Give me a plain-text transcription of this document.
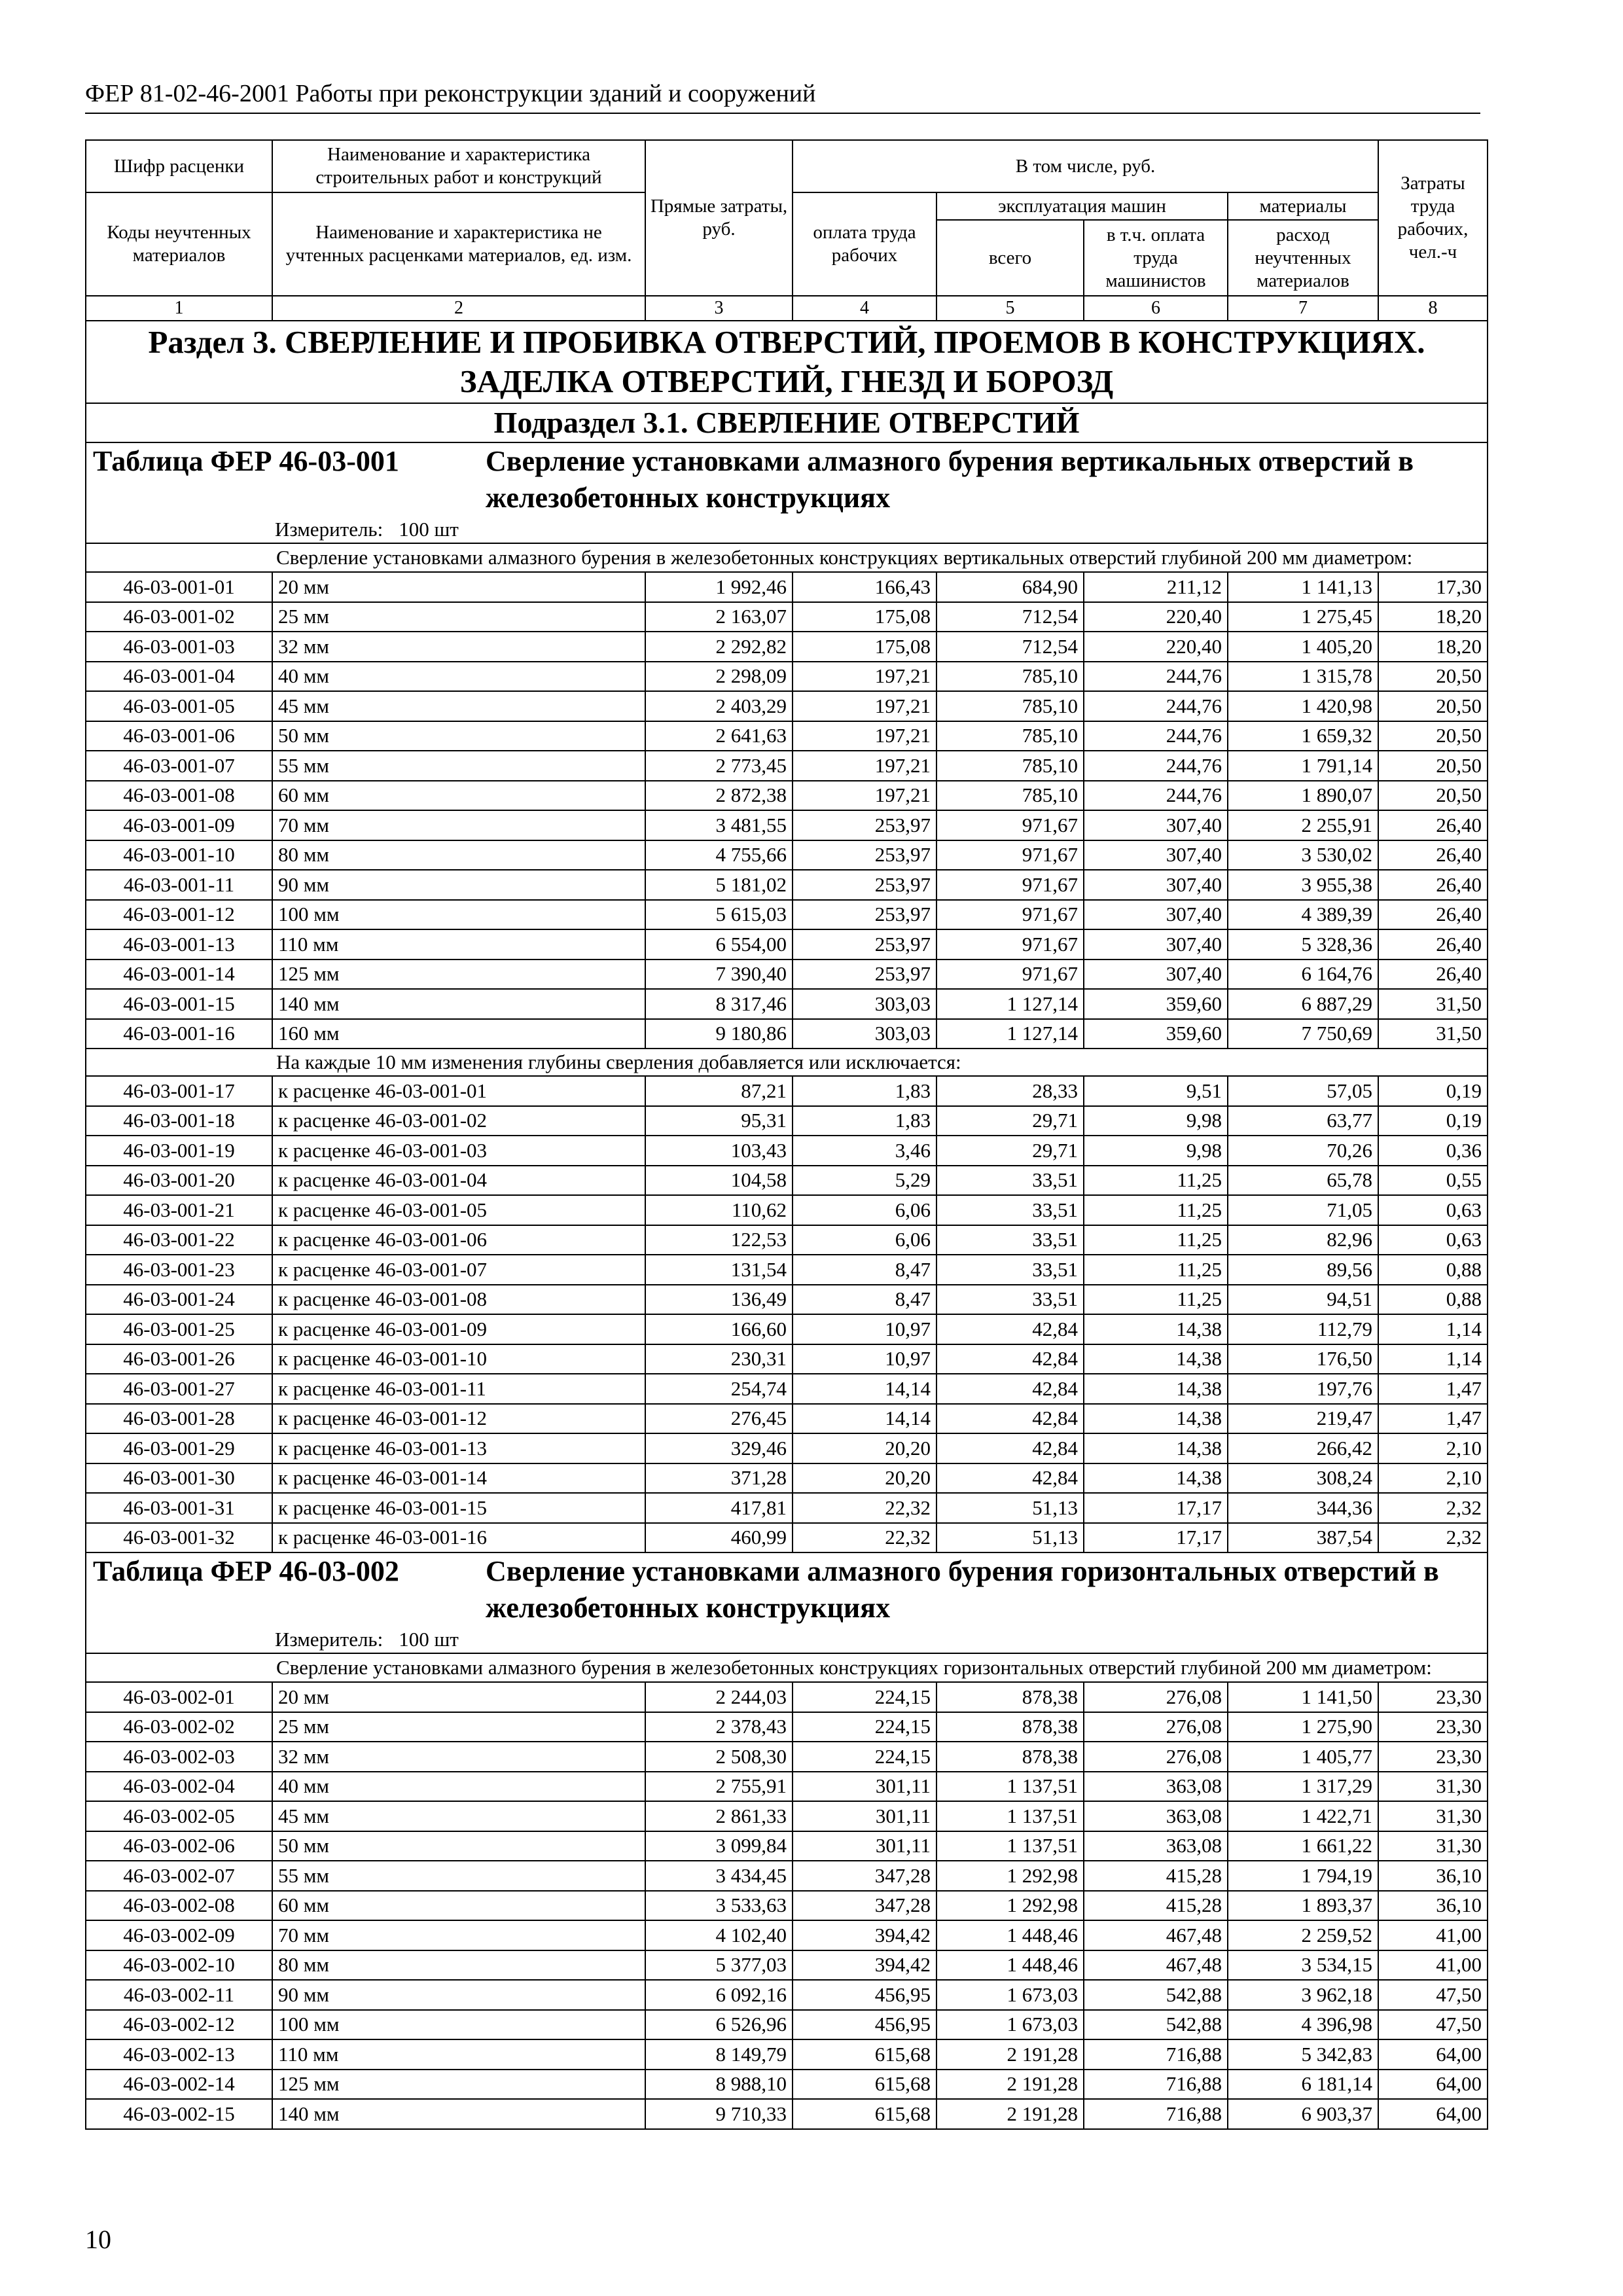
ФЕР 81-02-46-2001 Работы при реконструкции зданий и сооружений
Шифр расценки	Наименование и характеристика строительных работ и конструкций	Прямые затраты, руб.	В том числе, руб.				Затраты труда рабочих, чел.-ч
Коды неучтенных материалов	Наименование и характеристика не учтенных расценками материалов, ед. изм.		оплата труда рабочих	эксплуатация машин		материалы	
				всего	в т.ч. оплата труда машинистов	расход неучтенных материалов	
1	2	3	4	5	6	7	8
Раздел 3. СВЕРЛЕНИЕ И ПРОБИВКА ОТВЕРСТИЙ, ПРОЕМОВ В КОНСТРУКЦИЯХ. ЗАДЕЛКА ОТВЕРСТИЙ, ГНЕЗД И БОРОЗД							
Подраздел 3.1. СВЕРЛЕНИЕ ОТВЕРСТИЙ							

Таблица ФЕР 46-03-001 Сверление установками алмазного бурения вертикальных отверстий в железобетонных конструкциях							

Измеритель: 100 шт							
Сверление установками алмазного бурения в железобетонных конструкциях вертикальных отверстий глубиной 200 мм диаметром:							
46-03-001-01	20 мм	1 992,46	166,43	684,90	211,12	1 141,13	17,30
46-03-001-02	25 мм	2 163,07	175,08	712,54	220,40	1 275,45	18,20
46-03-001-03	32 мм	2 292,82	175,08	712,54	220,40	1 405,20	18,20
46-03-001-04	40 мм	2 298,09	197,21	785,10	244,76	1 315,78	20,50
46-03-001-05	45 мм	2 403,29	197,21	785,10	244,76	1 420,98	20,50
46-03-001-06	50 мм	2 641,63	197,21	785,10	244,76	1 659,32	20,50
46-03-001-07	55 мм	2 773,45	197,21	785,10	244,76	1 791,14	20,50
46-03-001-08	60 мм	2 872,38	197,21	785,10	244,76	1 890,07	20,50
46-03-001-09	70 мм	3 481,55	253,97	971,67	307,40	2 255,91	26,40
46-03-001-10	80 мм	4 755,66	253,97	971,67	307,40	3 530,02	26,40
46-03-001-11	90 мм	5 181,02	253,97	971,67	307,40	3 955,38	26,40
46-03-001-12	100 мм	5 615,03	253,97	971,67	307,40	4 389,39	26,40
46-03-001-13	110 мм	6 554,00	253,97	971,67	307,40	5 328,36	26,40
46-03-001-14	125 мм	7 390,40	253,97	971,67	307,40	6 164,76	26,40
46-03-001-15	140 мм	8 317,46	303,03	1 127,14	359,60	6 887,29	31,50
46-03-001-16	160 мм	9 180,86	303,03	1 127,14	359,60	7 750,69	31,50
На каждые 10 мм изменения глубины сверления добавляется или исключается:							
46-03-001-17	к расценке 46-03-001-01	87,21	1,83	28,33	9,51	57,05	0,19
46-03-001-18	к расценке 46-03-001-02	95,31	1,83	29,71	9,98	63,77	0,19
46-03-001-19	к расценке 46-03-001-03	103,43	3,46	29,71	9,98	70,26	0,36
46-03-001-20	к расценке 46-03-001-04	104,58	5,29	33,51	11,25	65,78	0,55
46-03-001-21	к расценке 46-03-001-05	110,62	6,06	33,51	11,25	71,05	0,63
46-03-001-22	к расценке 46-03-001-06	122,53	6,06	33,51	11,25	82,96	0,63
46-03-001-23	к расценке 46-03-001-07	131,54	8,47	33,51	11,25	89,56	0,88
46-03-001-24	к расценке 46-03-001-08	136,49	8,47	33,51	11,25	94,51	0,88
46-03-001-25	к расценке 46-03-001-09	166,60	10,97	42,84	14,38	112,79	1,14
46-03-001-26	к расценке 46-03-001-10	230,31	10,97	42,84	14,38	176,50	1,14
46-03-001-27	к расценке 46-03-001-11	254,74	14,14	42,84	14,38	197,76	1,47
46-03-001-28	к расценке 46-03-001-12	276,45	14,14	42,84	14,38	219,47	1,47
46-03-001-29	к расценке 46-03-001-13	329,46	20,20	42,84	14,38	266,42	2,10
46-03-001-30	к расценке 46-03-001-14	371,28	20,20	42,84	14,38	308,24	2,10
46-03-001-31	к расценке 46-03-001-15	417,81	22,32	51,13	17,17	344,36	2,32
46-03-001-32	к расценке 46-03-001-16	460,99	22,32	51,13	17,17	387,54	2,32

Таблица ФЕР 46-03-002 Сверление установками алмазного бурения горизонтальных отверстий в железобетонных конструкциях							

Измеритель: 100 шт							
Сверление установками алмазного бурения в железобетонных конструкциях горизонтальных отверстий глубиной 200 мм диаметром:							
46-03-002-01	20 мм	2 244,03	224,15	878,38	276,08	1 141,50	23,30
46-03-002-02	25 мм	2 378,43	224,15	878,38	276,08	1 275,90	23,30
46-03-002-03	32 мм	2 508,30	224,15	878,38	276,08	1 405,77	23,30
46-03-002-04	40 мм	2 755,91	301,11	1 137,51	363,08	1 317,29	31,30
46-03-002-05	45 мм	2 861,33	301,11	1 137,51	363,08	1 422,71	31,30
46-03-002-06	50 мм	3 099,84	301,11	1 137,51	363,08	1 661,22	31,30
46-03-002-07	55 мм	3 434,45	347,28	1 292,98	415,28	1 794,19	36,10
46-03-002-08	60 мм	3 533,63	347,28	1 292,98	415,28	1 893,37	36,10
46-03-002-09	70 мм	4 102,40	394,42	1 448,46	467,48	2 259,52	41,00
46-03-002-10	80 мм	5 377,03	394,42	1 448,46	467,48	3 534,15	41,00
46-03-002-11	90 мм	6 092,16	456,95	1 673,03	542,88	3 962,18	47,50
46-03-002-12	100 мм	6 526,96	456,95	1 673,03	542,88	4 396,98	47,50
46-03-002-13	110 мм	8 149,79	615,68	2 191,28	716,88	5 342,83	64,00
46-03-002-14	125 мм	8 988,10	615,68	2 191,28	716,88	6 181,14	64,00
46-03-002-15	140 мм	9 710,33	615,68	2 191,28	716,88	6 903,37	64,00
10
